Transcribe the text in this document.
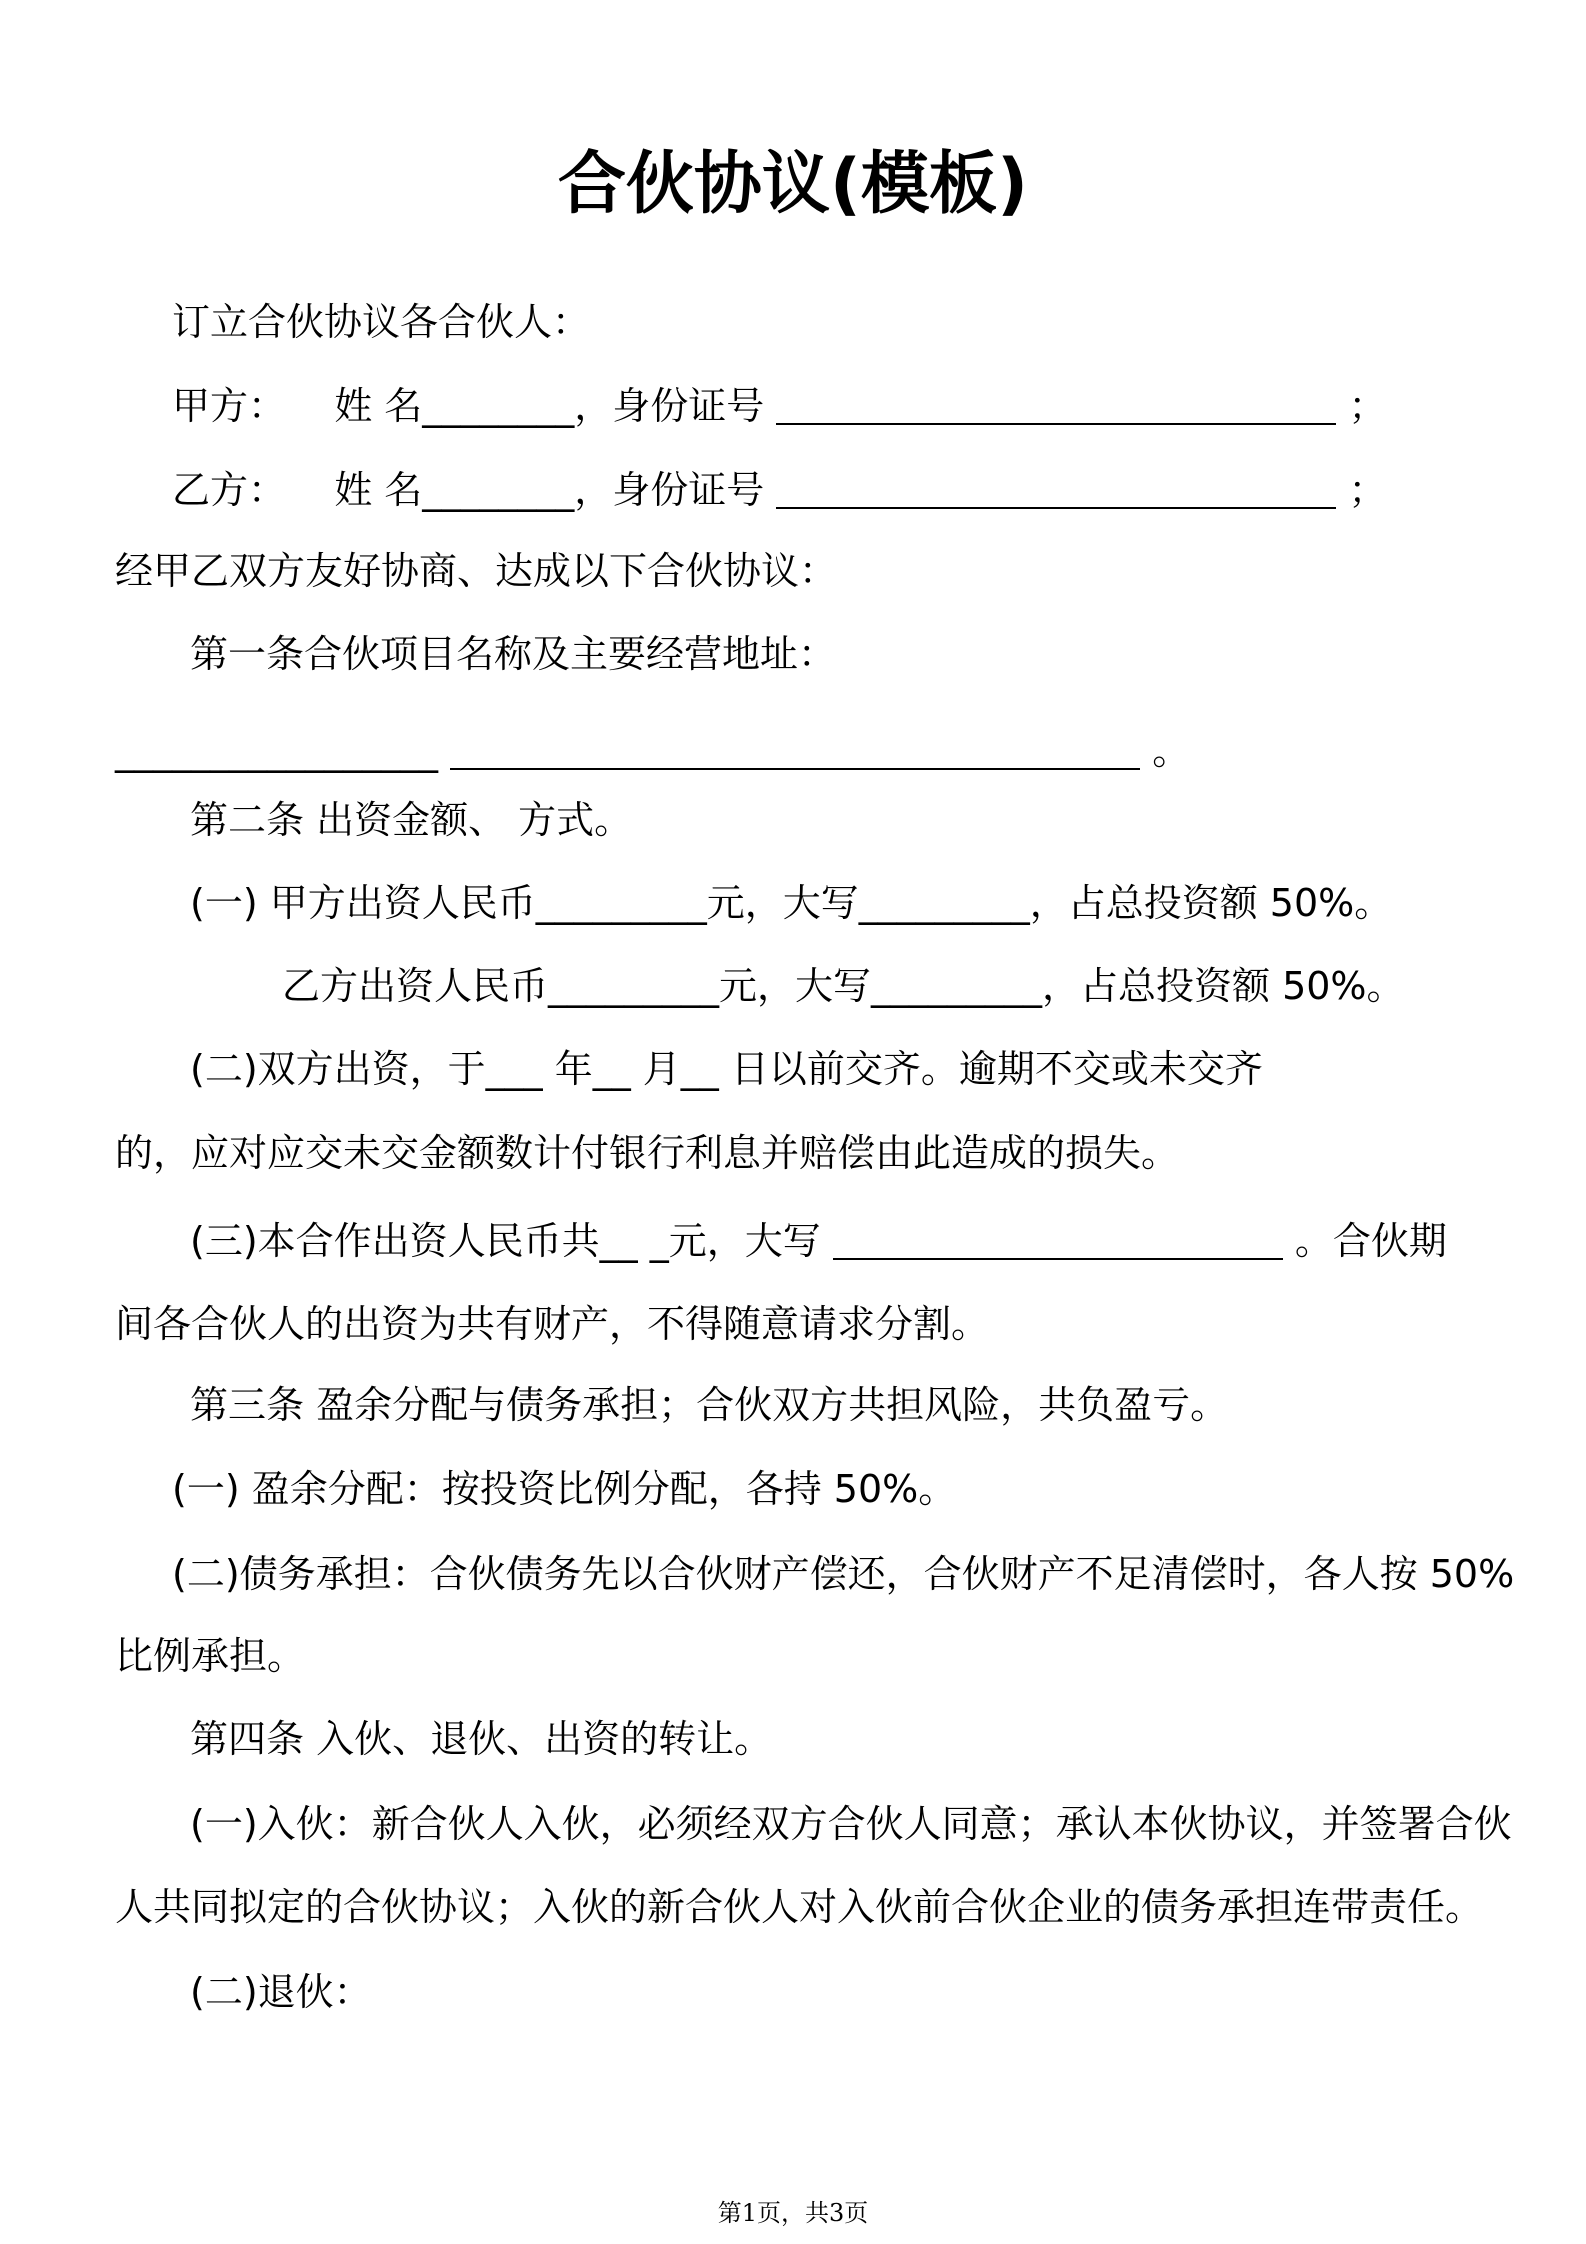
合伙协议(模板)
订立合伙协议各合伙人：
甲方： 姓 名________，身份证号	；
乙方： 姓 名________，身份证号	；
经甲乙双方友好协商、达成以下合伙协议：
第一条合伙项目名称及主要经营地址：
_________________	。
第二条 出资金额、 方式。
(一) 甲方出资人民币_________元，大写_________，占总投资额 50%。
乙方出资人民币_________元，大写_________，占总投资额 50%。
(二)双方出资，于___ 年__ 月__ 日以前交齐。逾期不交或未交齐
的，应对应交未交金额数计付银行利息并赔偿由此造成的损失。
(三)本合作出资人民币共__ _元，大写	。合伙期
间各合伙人的出资为共有财产，不得随意请求分割。
第三条 盈余分配与债务承担；合伙双方共担风险，共负盈亏。
(一) 盈余分配：按投资比例分配，各持 50%。
(二)债务承担：合伙债务先以合伙财产偿还，合伙财产不足清偿时，各人按 50%
比例承担。
第四条 入伙、退伙、出资的转让。
(一)入伙：新合伙人入伙，必须经双方合伙人同意；承认本伙协议，并签署合伙
人共同拟定的合伙协议；入伙的新合伙人对入伙前合伙企业的债务承担连带责任。
(二)退伙：
第1页，共3页
